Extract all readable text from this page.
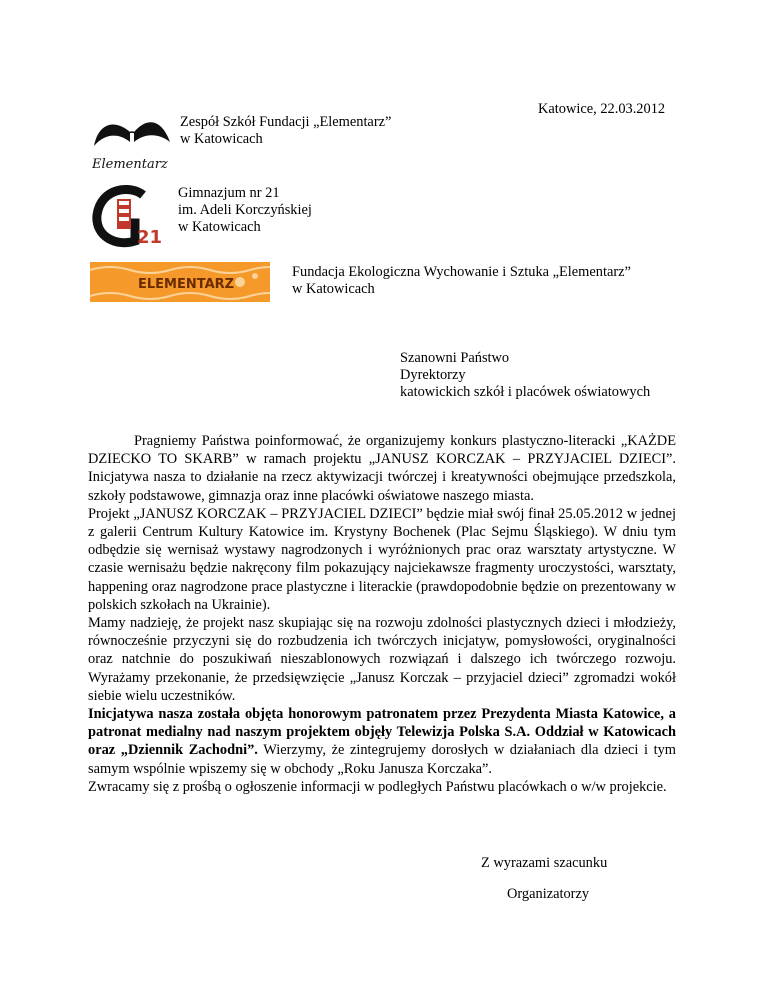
Katowice, 22.03.2012
Elementarz
Zespół Szkół Fundacji „Elementarz”
w Katowicach
21
Gimnazjum nr 21
im. Adeli Korczyńskiej
w Katowicach
ELEMENTARZ
Fundacja Ekologiczna Wychowanie i Sztuka „Elementarz”
w Katowicach
Szanowni Państwo
Dyrektorzy
katowickich szkół i placówek oświatowych

Pragniemy Państwa poinformować, że organizujemy konkurs plastyczno-literacki „KAŻDE DZIECKO TO SKARB” w ramach projektu „JANUSZ KORCZAK – PRZYJACIEL DZIECI”. Inicjatywa nasza to działanie na rzecz aktywizacji twórczej i kreatywności obejmujące przedszkola, szkoły podstawowe, gimnazja oraz inne placówki oświatowe naszego miasta.

Projekt „JANUSZ KORCZAK – PRZYJACIEL DZIECI” będzie miał swój finał 25.05.2012 w jednej z galerii Centrum Kultury Katowice im. Krystyny Bochenek (Plac Sejmu Śląskiego). W dniu tym odbędzie się wernisaż wystawy nagrodzonych i wyróżnionych prac oraz warsztaty artystyczne. W czasie wernisażu będzie nakręcony film pokazujący najciekawsze fragmenty uroczystości, warsztaty, happening oraz nagrodzone prace plastyczne i literackie (prawdopodobnie będzie on prezentowany w polskich szkołach na Ukrainie).

Mamy nadzieję, że projekt nasz skupiając się na rozwoju zdolności plastycznych dzieci i młodzieży, równocześnie przyczyni się do rozbudzenia ich twórczych inicjatyw, pomysłowości, oryginalności oraz natchnie do poszukiwań nieszablonowych rozwiązań i dalszego ich twórczego rozwoju. Wyrażamy przekonanie, że przedsięwzięcie „Janusz Korczak – przyjaciel dzieci” zgromadzi wokół siebie wielu uczestników.

Inicjatywa nasza została objęta honorowym patronatem przez Prezydenta Miasta Katowice, a patronat medialny nad naszym projektem objęły Telewizja Polska S.A. Oddział w Katowicach oraz „Dziennik Zachodni”. Wierzymy, że zintegrujemy dorosłych w działaniach dla dzieci i tym samym wspólnie wpiszemy się w obchody „Roku Janusza Korczaka”.

Zwracamy się z prośbą o ogłoszenie informacji w podległych Państwu placówkach o w/w projekcie.

Z wyrazami szacunku
Organizatorzy
